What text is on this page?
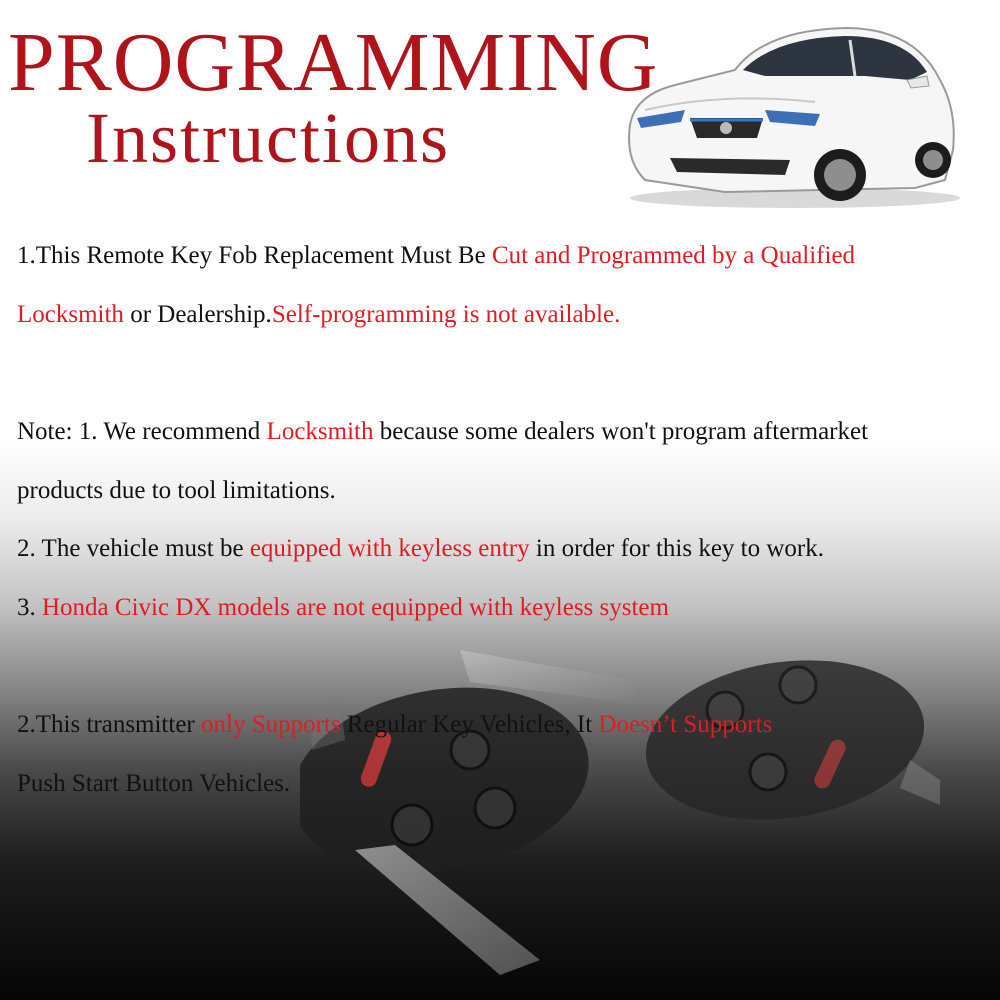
PROGRAMMING
Instructions
1.This Remote Key Fob Replacement Must Be Cut and Programmed by a Qualified
Locksmith or Dealership.Self-programming is not available.
Note: 1. We recommend Locksmith because some dealers won't program aftermarket
products due to tool limitations.
2. The vehicle must be equipped with keyless entry in order for this key to work.
3. Honda Civic DX models are not equipped with keyless system
2.This transmitter only Supports Regular Key Vehicles, It Doesn’t Supports
Push Start Button Vehicles.
